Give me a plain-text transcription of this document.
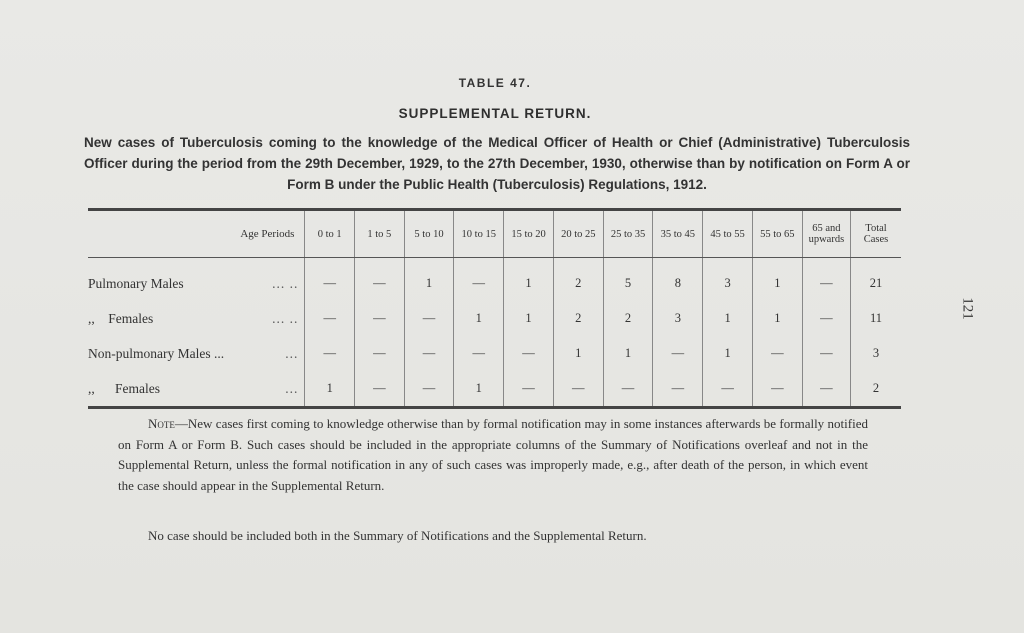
TABLE 47.
SUPPLEMENTAL RETURN.
New cases of Tuberculosis coming to the knowledge of the Medical Officer of Health or Chief (Administrative) Tuberculosis Officer during the period from the 29th December, 1929, to the 27th December, 1930, otherwise than by notification on Form A or Form B under the Public Health (Tuberculosis) Regulations, 1912.
121
Age Periods	0 to 1	1 to 5	5 to 10	10 to 15	15 to 20	20 to 25	25 to 35	35 to 45	45 to 55	55 to 65	65 and upwards	Total Cases
Pulmonary Males ... ..	—	—	1	—	1	2	5	8	3	1	—	21
,,    Females ... ..	—	—	—	1	1	2	2	3	1	1	—	11
Non-pulmonary Males ... ...	—	—	—	—	—	1	1	—	1	—	—	3
,,      Females ...	1	—	—	1	—	—	—	—	—	—	—	2
Note—New cases first coming to knowledge otherwise than by formal notification may in some instances afterwards be formally notified on Form A or Form B. Such cases should be included in the appropriate columns of the Summary of Notifications overleaf and not in the Supplemental Return, unless the formal notification in any of such cases was improperly made, e.g., after death of the person, in which event the case should appear in the Supplemental Return.
No case should be included both in the Summary of Notifications and the Supplemental Return.
